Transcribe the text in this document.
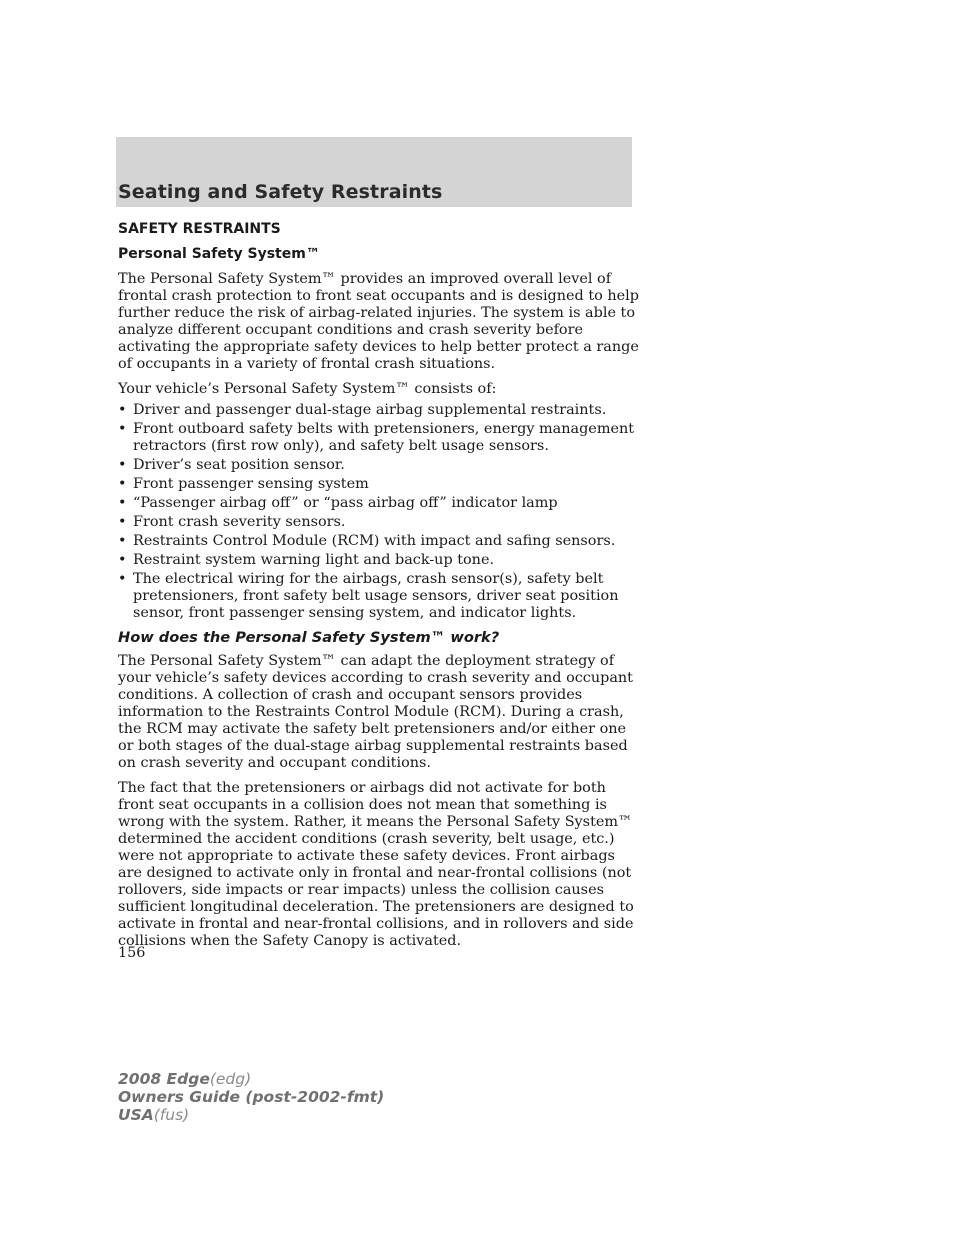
Seating and Safety Restraints
SAFETY RESTRAINTS
Personal Safety System™

The Personal Safety System™ provides an improved overall level of frontal crash protection to front seat occupants and is designed to help further reduce the risk of airbag-related injuries. The system is able to analyze different occupant conditions and crash severity before activating the appropriate safety devices to help better protect a range of occupants in a variety of frontal crash situations.

Your vehicle’s Personal Safety System™ consists of:

• Driver and passenger dual-stage airbag supplemental restraints.
• Front outboard safety belts with pretensioners, energy management retractors (first row only), and safety belt usage sensors.
• Driver’s seat position sensor.
• Front passenger sensing system
• “Passenger airbag off” or “pass airbag off” indicator lamp
• Front crash severity sensors.
• Restraints Control Module (RCM) with impact and safing sensors.
• Restraint system warning light and back-up tone.
• The electrical wiring for the airbags, crash sensor(s), safety belt pretensioners, front safety belt usage sensors, driver seat position sensor, front passenger sensing system, and indicator lights.
How does the Personal Safety System™ work?

The Personal Safety System™ can adapt the deployment strategy of your vehicle’s safety devices according to crash severity and occupant conditions. A collection of crash and occupant sensors provides information to the Restraints Control Module (RCM). During a crash, the RCM may activate the safety belt pretensioners and/or either one or both stages of the dual-stage airbag supplemental restraints based on crash severity and occupant conditions.

The fact that the pretensioners or airbags did not activate for both front seat occupants in a collision does not mean that something is wrong with the system. Rather, it means the Personal Safety System™ determined the accident conditions (crash severity, belt usage, etc.) were not appropriate to activate these safety devices. Front airbags are designed to activate only in frontal and near-frontal collisions (not rollovers, side impacts or rear impacts) unless the collision causes sufficient longitudinal deceleration. The pretensioners are designed to activate in frontal and near-frontal collisions, and in rollovers and side collisions when the Safety Canopy is activated.

156
2008 Edge(edg)
Owners Guide (post-2002-fmt)
USA(fus)
